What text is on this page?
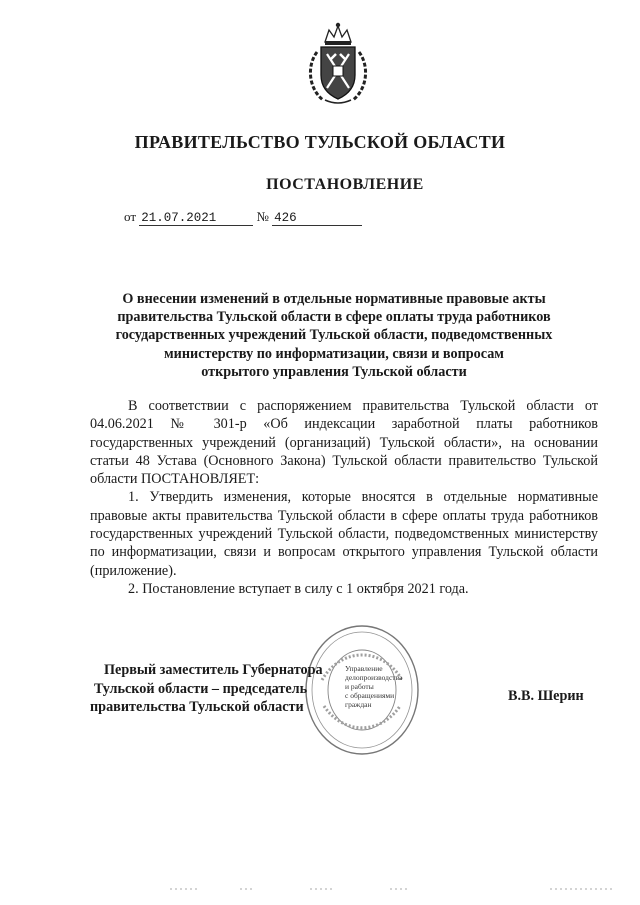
ПРАВИТЕЛЬСТВО ТУЛЬСКОЙ ОБЛАСТИ
ПОСТАНОВЛЕНИЕ
от 21.07.2021	№ 426
О внесении изменений в отдельные нормативные правовые акты
правительства Тульской области в сфере оплаты труда работников
государственных учреждений Тульской области, подведомственных
министерству по информатизации, связи и вопросам
открытого управления Тульской области

В соответствии с распоряжением правительства Тульской области от 04.06.2021 № 301-р «Об индексации заработной платы работников государственных учреждений (организаций) Тульской области», на основании статьи 48 Устава (Основного Закона) Тульской области правительство Тульской области ПОСТАНОВЛЯЕТ:

1. Утвердить изменения, которые вносятся в отдельные нормативные правовые акты правительства Тульской области в сфере оплаты труда работников государственных учреждений Тульской области, подведомственных министерству по информатизации, связи и вопросам открытого управления Тульской области (приложение).

2. Постановление вступает в силу с 1 октября 2021 года.

Управление
делопроизводства
и работы
с обращениями
граждан
Первый заместитель Губернатора
Тульской области – председатель
правительства Тульской области
В.В. Шерин
